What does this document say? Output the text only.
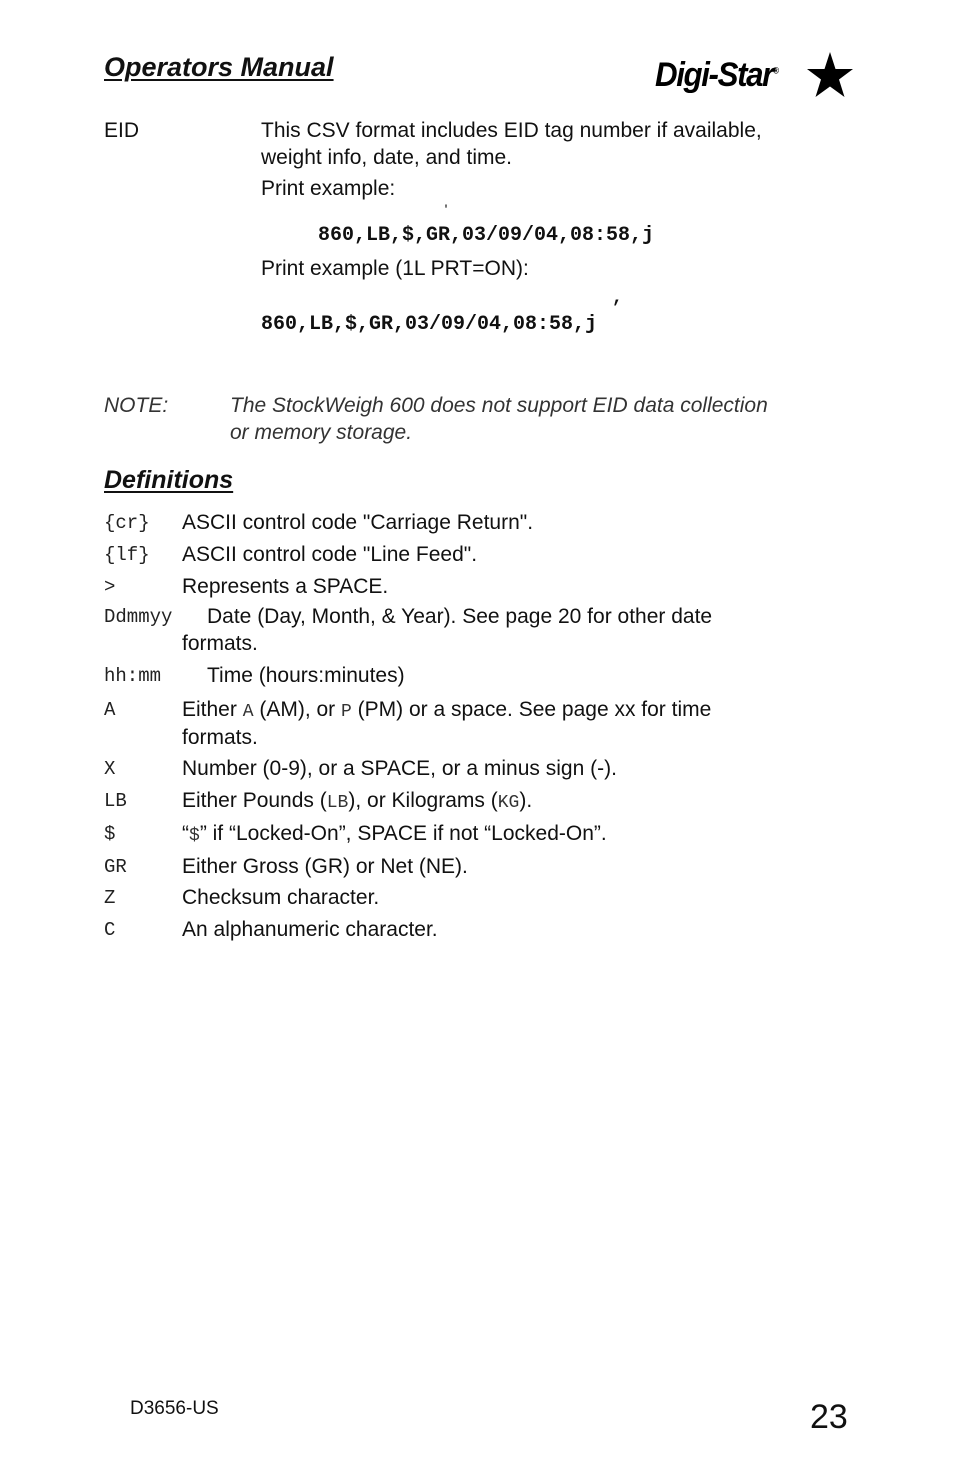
Operators Manual	Digi-Star®
EID	This CSV format includes EID tag number if available,
weight info, date, and time.
Print example:
′
860,LB,$,GR,03/09/04,08:58,j
Print example (1L PRT=ON):
,
860,LB,$,GR,03/09/04,08:58,j
NOTE:	The StockWeigh 600 does not support EID data collection
or memory storage.
Definitions
{cr} ASCII control code "Carriage Return".
{lf} ASCII control code "Line Feed".
>	Represents a SPACE.
Ddmmyy Date (Day, Month, & Year). See page 20 for other date
formats.
hh:mm Time (hours:minutes)
A	Either A (AM), or P (PM) or a space. See page xx for time
formats.
X	Number (0-9), or a SPACE, or a minus sign (-).
LB	Either Pounds (LB), or Kilograms (KG).
$	“$” if “Locked-On”, SPACE if not “Locked-On”.
GR	Either Gross (GR) or Net (NE).
Z	Checksum character.
C	An alphanumeric character.
D3656-US	23
